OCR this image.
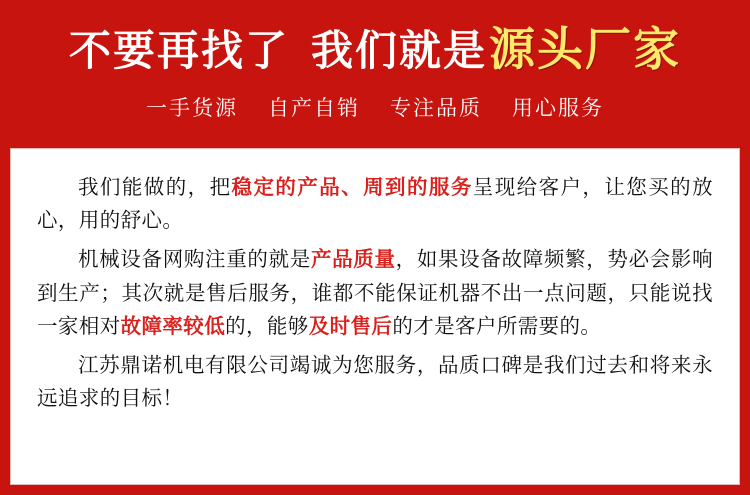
不要再找了 我们就是 源头厂家
一手货源 自产自销 专注品质 用心服务

我们能做的，把稳定的产品、周到的服务呈现给客户，让您买的放心，用的舒心。

机械设备网购注重的就是产品质量，如果设备故障频繁，势必会影响到生产；其次就是售后服务，谁都不能保证机器不出一点问题，只能说找一家相对故障率较低的，能够及时售后的才是客户所需要的。

江苏鼎诺机电有限公司竭诚为您服务，品质口碑是我们过去和将来永远追求的目标！
